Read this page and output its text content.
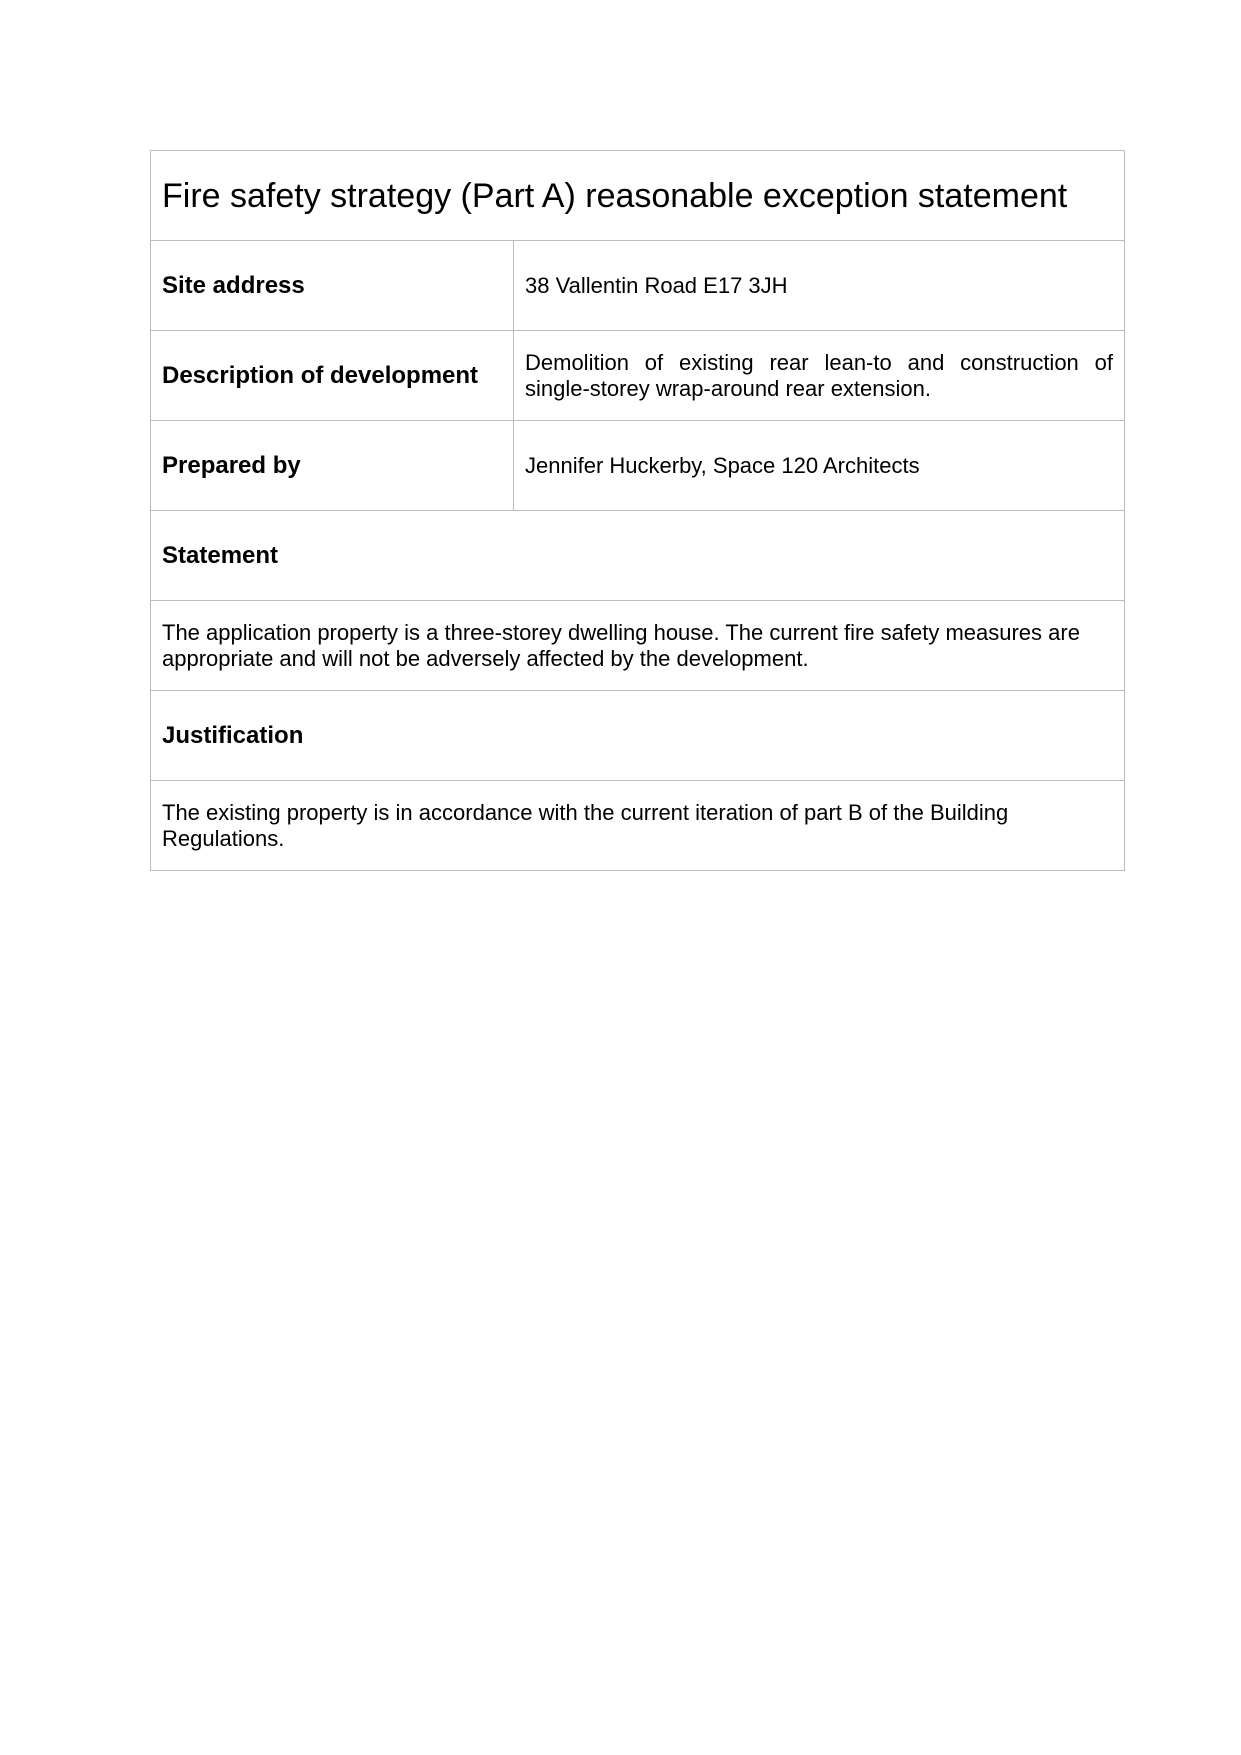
Fire safety strategy (Part A) reasonable exception statement	
Site address	38 Vallentin Road E17 3JH
Description of development	Demolition of existing rear lean-to and construction of single-storey wrap-around rear extension.
Prepared by	Jennifer Huckerby, Space 120 Architects
Statement	
The application property is a three-storey dwelling house. The current fire safety measures are appropriate and will not be adversely affected by the development.	
Justification	
The existing property is in accordance with the current iteration of part B of the Building Regulations.	
